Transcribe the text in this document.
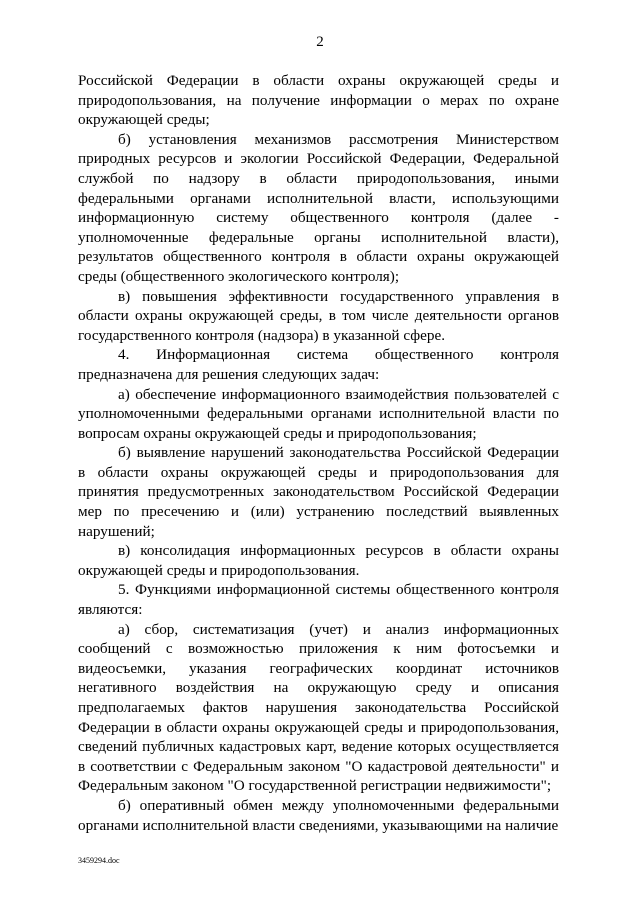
2

Российской Федерации в области охраны окружающей среды и природопользования, на получение информации о мерах по охране окружающей среды;

б) установления механизмов рассмотрения Министерством природных ресурсов и экологии Российской Федерации, Федеральной службой по надзору в области природопользования, иными федеральными органами исполнительной власти, использующими информационную систему общественного контроля (далее - уполномоченные федеральные органы исполнительной власти), результатов общественного контроля в области охраны окружающей среды (общественного экологического контроля);

в) повышения эффективности государственного управления в области охраны окружающей среды, в том числе деятельности органов государственного контроля (надзора) в указанной сфере.

4. Информационная система общественного контроля предназначена для решения следующих задач:

а) обеспечение информационного взаимодействия пользователей с уполномоченными федеральными органами исполнительной власти по вопросам охраны окружающей среды и природопользования;

б) выявление нарушений законодательства Российской Федерации в области охраны окружающей среды и природопользования для принятия предусмотренных законодательством Российской Федерации мер по пресечению и (или) устранению последствий выявленных нарушений;

в) консолидация информационных ресурсов в области охраны окружающей среды и природопользования.

5. Функциями информационной системы общественного контроля являются:

а) сбор, систематизация (учет) и анализ информационных сообщений с возможностью приложения к ним фотосъемки и видеосъемки, указания географических координат источников негативного воздействия на окружающую среду и описания предполагаемых фактов нарушения законодательства Российской Федерации в области охраны окружающей среды и природопользования, сведений публичных кадастровых карт, ведение которых осуществляется в соответствии с Федеральным законом "О кадастровой деятельности" и Федеральным законом "О государственной регистрации недвижимости";

б) оперативный обмен между уполномоченными федеральными органами исполнительной власти сведениями, указывающими на наличие

3459294.doc
